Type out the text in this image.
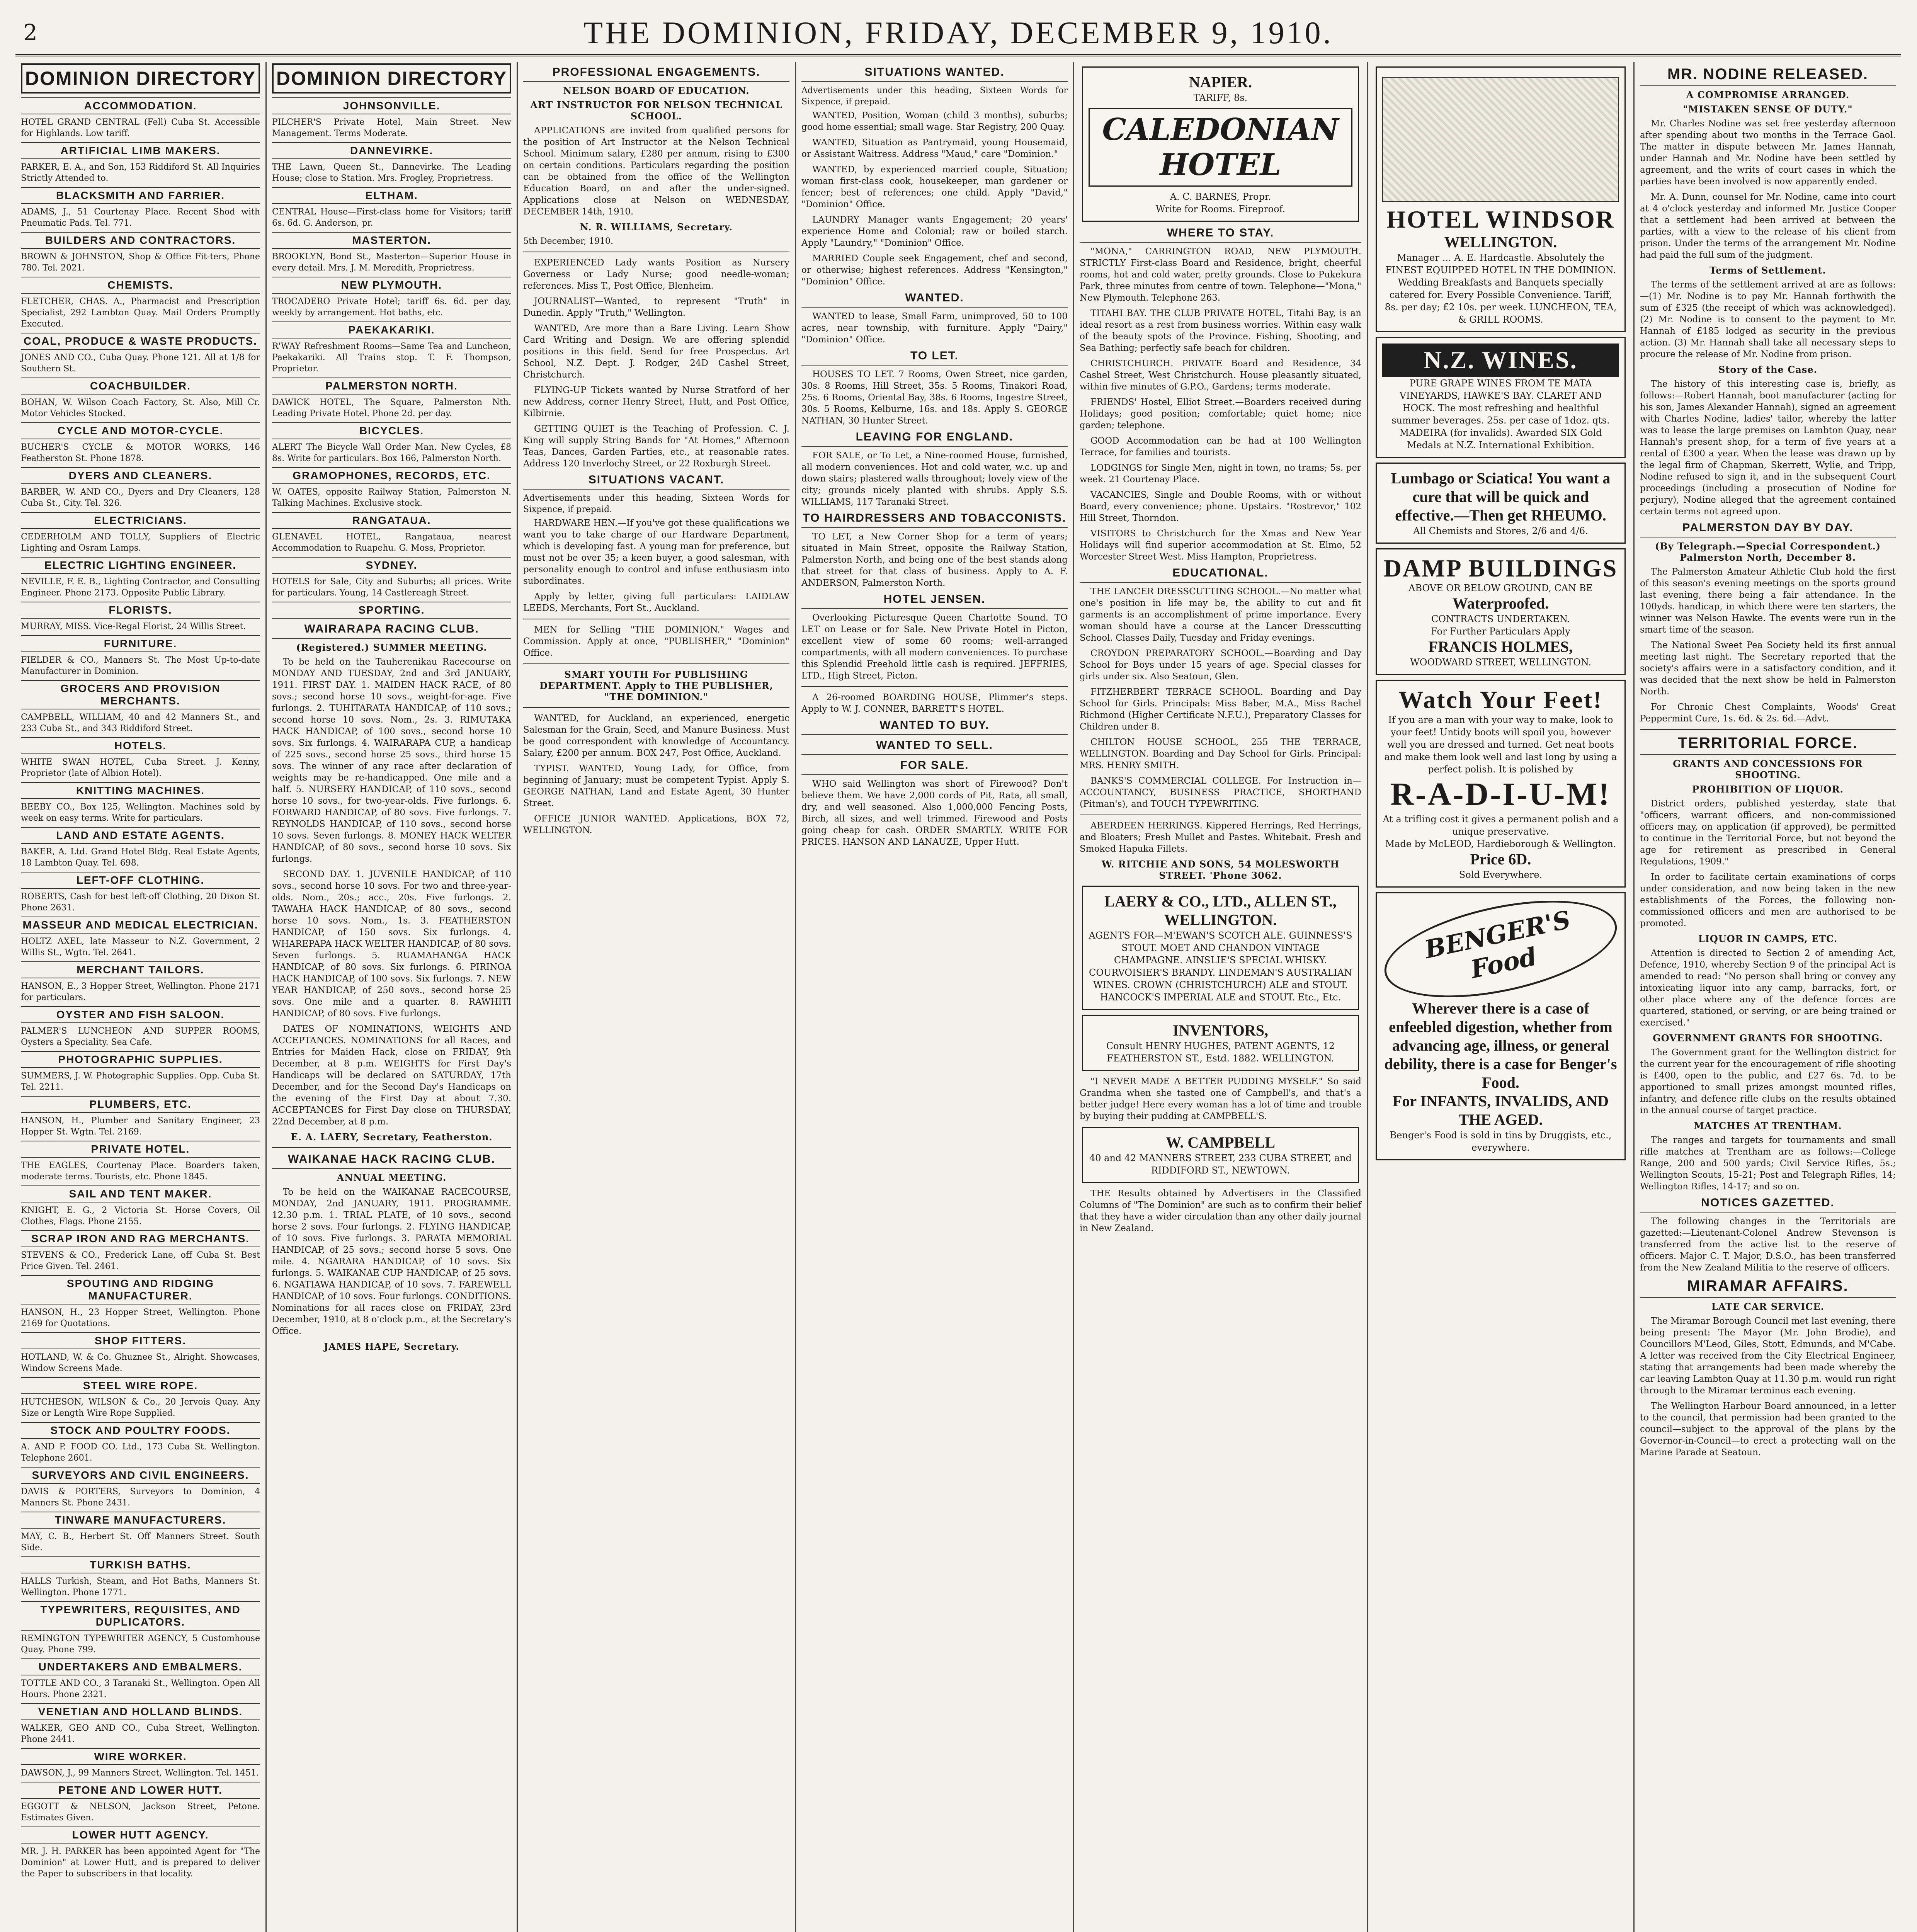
2	THE DOMINION, FRIDAY, DECEMBER 9, 1910.
DOMINION DIRECTORY
ACCOMMODATION.

HOTEL GRAND CENTRAL (Fell) Cuba St. Accessible for Highlands. Low tariff.

ARTIFICIAL LIMB MAKERS.

PARKER, E. A., and Son, 153 Riddiford St. All Inquiries Strictly Attended to.

BLACKSMITH AND FARRIER.

ADAMS, J., 51 Courtenay Place. Recent Shod with Pneumatic Pads. Tel. 771.

BUILDERS AND CONTRACTORS.

BROWN & JOHNSTON, Shop & Office Fit-ters, Phone 780. Tel. 2021.

CHEMISTS.

FLETCHER, CHAS. A., Pharmacist and Prescription Specialist, 292 Lambton Quay. Mail Orders Promptly Executed.

COAL, PRODUCE & WASTE PRODUCTS.

JONES AND CO., Cuba Quay. Phone 121. All at 1/8 for Southern St.

COACHBUILDER.

BOHAN, W. Wilson Coach Factory, St. Also, Mill Cr. Motor Vehicles Stocked.

CYCLE AND MOTOR-CYCLE.

BUCHER'S CYCLE & MOTOR WORKS, 146 Featherston St. Phone 1878.

DYERS AND CLEANERS.

BARBER, W. AND CO., Dyers and Dry Cleaners, 128 Cuba St., City. Tel. 326.

ELECTRICIANS.

CEDERHOLM AND TOLLY, Suppliers of Electric Lighting and Osram Lamps.

ELECTRIC LIGHTING ENGINEER.

NEVILLE, F. E. B., Lighting Contractor, and Consulting Engineer. Phone 2173. Opposite Public Library.

FLORISTS.

MURRAY, MISS. Vice-Regal Florist, 24 Willis Street.

FURNITURE.

FIELDER & CO., Manners St. The Most Up-to-date Manufacturer in Dominion.

GROCERS AND PROVISION MERCHANTS.

CAMPBELL, WILLIAM, 40 and 42 Manners St., and 233 Cuba St., and 343 Riddiford Street.

HOTELS.

WHITE SWAN HOTEL, Cuba Street. J. Kenny, Proprietor (late of Albion Hotel).

KNITTING MACHINES.

BEEBY CO., Box 125, Wellington. Machines sold by week on easy terms. Write for particulars.

LAND AND ESTATE AGENTS.

BAKER, A. Ltd. Grand Hotel Bldg. Real Estate Agents, 18 Lambton Quay. Tel. 698.

LEFT-OFF CLOTHING.

ROBERTS, Cash for best left-off Clothing, 20 Dixon St. Phone 2631.

MASSEUR AND MEDICAL ELECTRICIAN.

HOLTZ AXEL, late Masseur to N.Z. Government, 2 Willis St., Wgtn. Tel. 2641.

MERCHANT TAILORS.

HANSON, E., 3 Hopper Street, Wellington. Phone 2171 for particulars.

OYSTER AND FISH SALOON.

PALMER'S LUNCHEON AND SUPPER ROOMS, Oysters a Speciality. Sea Cafe.

PHOTOGRAPHIC SUPPLIES.

SUMMERS, J. W. Photographic Supplies. Opp. Cuba St. Tel. 2211.

PLUMBERS, ETC.

HANSON, H., Plumber and Sanitary Engineer, 23 Hopper St. Wgtn. Tel. 2169.

PRIVATE HOTEL.

THE EAGLES, Courtenay Place. Boarders taken, moderate terms. Tourists, etc. Phone 1845.

SAIL AND TENT MAKER.

KNIGHT, E. G., 2 Victoria St. Horse Covers, Oil Clothes, Flags. Phone 2155.

SCRAP IRON AND RAG MERCHANTS.

STEVENS & CO., Frederick Lane, off Cuba St. Best Price Given. Tel. 2461.

SPOUTING AND RIDGING MANUFACTURER.

HANSON, H., 23 Hopper Street, Wellington. Phone 2169 for Quotations.

SHOP FITTERS.

HOTLAND, W. & Co. Ghuznee St., Alright. Showcases, Window Screens Made.

STEEL WIRE ROPE.

HUTCHESON, WILSON & Co., 20 Jervois Quay. Any Size or Length Wire Rope Supplied.

STOCK AND POULTRY FOODS.

A. AND P. FOOD CO. Ltd., 173 Cuba St. Wellington. Telephone 2601.

SURVEYORS AND CIVIL ENGINEERS.

DAVIS & PORTERS, Surveyors to Dominion, 4 Manners St. Phone 2431.

TINWARE MANUFACTURERS.

MAY, C. B., Herbert St. Off Manners Street. South Side.

TURKISH BATHS.

HALLS Turkish, Steam, and Hot Baths, Manners St. Wellington. Phone 1771.

TYPEWRITERS, REQUISITES, AND DUPLICATORS.

REMINGTON TYPEWRITER AGENCY, 5 Customhouse Quay. Phone 799.

UNDERTAKERS AND EMBALMERS.

TOTTLE AND CO., 3 Taranaki St., Wellington. Open All Hours. Phone 2321.

VENETIAN AND HOLLAND BLINDS.

WALKER, GEO AND CO., Cuba Street, Wellington. Phone 2441.

WIRE WORKER.

DAWSON, J., 99 Manners Street, Wellington. Tel. 1451.

PETONE AND LOWER HUTT.

EGGOTT & NELSON, Jackson Street, Petone. Estimates Given.

LOWER HUTT AGENCY.

MR. J. H. PARKER has been appointed Agent for "The Dominion" at Lower Hutt, and is prepared to deliver the Paper to subscribers in that locality.

DOMINION DIRECTORY
JOHNSONVILLE.

PILCHER'S Private Hotel, Main Street. New Management. Terms Moderate.

DANNEVIRKE.

THE Lawn, Queen St., Dannevirke. The Leading House; close to Station. Mrs. Frogley, Proprietress.

ELTHAM.

CENTRAL House—First-class home for Visitors; tariff 6s. 6d. G. Anderson, pr.

MASTERTON.

BROOKLYN, Bond St., Masterton—Superior House in every detail. Mrs. J. M. Meredith, Proprietress.

NEW PLYMOUTH.

TROCADERO Private Hotel; tariff 6s. 6d. per day, weekly by arrangement. Hot baths, etc.

PAEKAKARIKI.

R'WAY Refreshment Rooms—Same Tea and Luncheon, Paekakariki. All Trains stop. T. F. Thompson, Proprietor.

PALMERSTON NORTH.

DAWICK HOTEL, The Square, Palmerston Nth. Leading Private Hotel. Phone 2d. per day.

BICYCLES.

ALERT The Bicycle Wall Order Man. New Cycles, £8 8s. Write for particulars. Box 166, Palmerston North.

GRAMOPHONES, RECORDS, ETC.

W. OATES, opposite Railway Station, Palmerston N. Talking Machines. Exclusive stock.

RANGATAUA.

GLENAVEL HOTEL, Rangataua, nearest Accommodation to Ruapehu. G. Moss, Proprietor.

SYDNEY.

HOTELS for Sale, City and Suburbs; all prices. Write for particulars. Young, 14 Castlereagh Street.

SPORTING.
WAIRARAPA RACING CLUB.
(Registered.) SUMMER MEETING.

To be held on the Tauherenikau Racecourse on MONDAY AND TUESDAY, 2nd and 3rd JANUARY, 1911. FIRST DAY. 1. MAIDEN HACK RACE, of 80 sovs.; second horse 10 sovs., weight-for-age. Five furlongs. 2. TUHITARATA HANDICAP, of 110 sovs.; second horse 10 sovs. Nom., 2s. 3. RIMUTAKA HACK HANDICAP, of 100 sovs., second horse 10 sovs. Six furlongs. 4. WAIRARAPA CUP, a handicap of 225 sovs., second horse 25 sovs., third horse 15 sovs. The winner of any race after declaration of weights may be re-handicapped. One mile and a half. 5. NURSERY HANDICAP, of 110 sovs., second horse 10 sovs., for two-year-olds. Five furlongs. 6. FORWARD HANDICAP, of 80 sovs. Five furlongs. 7. REYNOLDS HANDICAP, of 110 sovs., second horse 10 sovs. Seven furlongs. 8. MONEY HACK WELTER HANDICAP, of 80 sovs., second horse 10 sovs. Six furlongs.

SECOND DAY. 1. JUVENILE HANDICAP, of 110 sovs., second horse 10 sovs. For two and three-year-olds. Nom., 20s.; acc., 20s. Five furlongs. 2. TAWAHA HACK HANDICAP, of 80 sovs., second horse 10 sovs. Nom., 1s. 3. FEATHERSTON HANDICAP, of 150 sovs. Six furlongs. 4. WHAREPAPA HACK WELTER HANDICAP, of 80 sovs. Seven furlongs. 5. RUAMAHANGA HACK HANDICAP, of 80 sovs. Six furlongs. 6. PIRINOA HACK HANDICAP, of 100 sovs. Six furlongs. 7. NEW YEAR HANDICAP, of 250 sovs., second horse 25 sovs. One mile and a quarter. 8. RAWHITI HANDICAP, of 80 sovs. Five furlongs.

DATES OF NOMINATIONS, WEIGHTS AND ACCEPTANCES. NOMINATIONS for all Races, and Entries for Maiden Hack, close on FRIDAY, 9th December, at 8 p.m. WEIGHTS for First Day's Handicaps will be declared on SATURDAY, 17th December, and for the Second Day's Handicaps on the evening of the First Day at about 7.30. ACCEPTANCES for First Day close on THURSDAY, 22nd December, at 8 p.m.

E. A. LAERY, Secretary, Featherston.
WAIKANAE HACK RACING CLUB.
ANNUAL MEETING.

To be held on the WAIKANAE RACECOURSE, MONDAY, 2nd JANUARY, 1911. PROGRAMME. 12.30 p.m. 1. TRIAL PLATE, of 10 sovs., second horse 2 sovs. Four furlongs. 2. FLYING HANDICAP, of 10 sovs. Five furlongs. 3. PARATA MEMORIAL HANDICAP, of 25 sovs.; second horse 5 sovs. One mile. 4. NGARARA HANDICAP, of 10 sovs. Six furlongs. 5. WAIKANAE CUP HANDICAP, of 25 sovs. 6. NGATIAWA HANDICAP, of 10 sovs. 7. FAREWELL HANDICAP, of 10 sovs. Four furlongs. CONDITIONS. Nominations for all races close on FRIDAY, 23rd December, 1910, at 8 o'clock p.m., at the Secretary's Office.

JAMES HAPE, Secretary.
PROFESSIONAL ENGAGEMENTS.
NELSON BOARD OF EDUCATION.
ART INSTRUCTOR FOR NELSON TECHNICAL SCHOOL.

APPLICATIONS are invited from qualified persons for the position of Art Instructor at the Nelson Technical School. Minimum salary, £280 per annum, rising to £300 on certain conditions. Particulars regarding the position can be obtained from the office of the Wellington Education Board, on and after the under-signed. Applications close at Nelson on WEDNESDAY, DECEMBER 14th, 1910.

N. R. WILLIAMS, Secretary.

5th December, 1910.

EXPERIENCED Lady wants Position as Nursery Governess or Lady Nurse; good needle-woman; references. Miss T., Post Office, Blenheim.

JOURNALIST—Wanted, to represent "Truth" in Dunedin. Apply "Truth," Wellington.

WANTED, Are more than a Bare Living. Learn Show Card Writing and Design. We are offering splendid positions in this field. Send for free Prospectus. Art School, N.Z. Dept. J. Rodger, 24D Cashel Street, Christchurch.

FLYING-UP Tickets wanted by Nurse Stratford of her new Address, corner Henry Street, Hutt, and Post Office, Kilbirnie.

GETTING QUIET is the Teaching of Profession. C. J. King will supply String Bands for "At Homes," Afternoon Teas, Dances, Garden Parties, etc., at reasonable rates. Address 120 Inverlochy Street, or 22 Roxburgh Street.

SITUATIONS VACANT.

Advertisements under this heading, Sixteen Words for Sixpence, if prepaid.

HARDWARE HEN.—If you've got these qualifications we want you to take charge of our Hardware Department, which is developing fast. A young man for preference, but must not be over 35; a keen buyer, a good salesman, with personality enough to control and infuse enthusiasm into subordinates.

Apply by letter, giving full particulars: LAIDLAW LEEDS, Merchants, Fort St., Auckland.

MEN for Selling "THE DOMINION." Wages and Commission. Apply at once, "PUBLISHER," "Dominion" Office.

SMART YOUTH For PUBLISHING DEPARTMENT. Apply to THE PUBLISHER, "THE DOMINION."

WANTED, for Auckland, an experienced, energetic Salesman for the Grain, Seed, and Manure Business. Must be good correspondent with knowledge of Accountancy. Salary, £200 per annum. BOX 247, Post Office, Auckland.

TYPIST. WANTED, Young Lady, for Office, from beginning of January; must be competent Typist. Apply S. GEORGE NATHAN, Land and Estate Agent, 30 Hunter Street.

OFFICE JUNIOR WANTED. Applications, BOX 72, WELLINGTON.

SITUATIONS WANTED.

Advertisements under this heading, Sixteen Words for Sixpence, if prepaid.

WANTED, Position, Woman (child 3 months), suburbs; good home essential; small wage. Star Registry, 200 Quay.

WANTED, Situation as Pantrymaid, young Housemaid, or Assistant Waitress. Address "Maud," care "Dominion."

WANTED, by experienced married couple, Situation; woman first-class cook, housekeeper, man gardener or fencer; best of references; one child. Apply "David," "Dominion" Office.

LAUNDRY Manager wants Engagement; 20 years' experience Home and Colonial; raw or boiled starch. Apply "Laundry," "Dominion" Office.

MARRIED Couple seek Engagement, chef and second, or otherwise; highest references. Address "Kensington," "Dominion" Office.

WANTED.

WANTED to lease, Small Farm, unimproved, 50 to 100 acres, near township, with furniture. Apply "Dairy," "Dominion" Office.

TO LET.

HOUSES TO LET. 7 Rooms, Owen Street, nice garden, 30s. 8 Rooms, Hill Street, 35s. 5 Rooms, Tinakori Road, 25s. 6 Rooms, Oriental Bay, 38s. 6 Rooms, Ingestre Street, 30s. 5 Rooms, Kelburne, 16s. and 18s. Apply S. GEORGE NATHAN, 30 Hunter Street.

LEAVING FOR ENGLAND.

FOR SALE, or To Let, a Nine-roomed House, furnished, all modern conveniences. Hot and cold water, w.c. up and down stairs; plastered walls throughout; lovely view of the city; grounds nicely planted with shrubs. Apply S.S. WILLIAMS, 117 Taranaki Street.

TO HAIRDRESSERS AND TOBACCONISTS.

TO LET, a New Corner Shop for a term of years; situated in Main Street, opposite the Railway Station, Palmerston North, and being one of the best stands along that street for that class of business. Apply to A. F. ANDERSON, Palmerston North.

HOTEL JENSEN.

Overlooking Picturesque Queen Charlotte Sound. TO LET on Lease or for Sale. New Private Hotel in Picton, excellent view of some 60 rooms; well-arranged compartments, with all modern conveniences. To purchase this Splendid Freehold little cash is required. JEFFRIES, LTD., High Street, Picton.

A 26-roomed BOARDING HOUSE, Plimmer's steps. Apply to W. J. CONNER, BARRETT'S HOTEL.

WANTED TO BUY.
WANTED TO SELL.
FOR SALE.

WHO said Wellington was short of Firewood? Don't believe them. We have 2,000 cords of Pit, Rata, all small, dry, and well seasoned. Also 1,000,000 Fencing Posts, Birch, all sizes, and well trimmed. Firewood and Posts going cheap for cash. ORDER SMARTLY. WRITE FOR PRICES. HANSON AND LANAUZE, Upper Hutt.

NAPIER.
TARIFF, 8s.
CALEDONIAN HOTEL
A. C. BARNES, Propr.
Write for Rooms. Fireproof.
WHERE TO STAY.

"MONA," CARRINGTON ROAD, NEW PLYMOUTH. STRICTLY First-class Board and Residence, bright, cheerful rooms, hot and cold water, pretty grounds. Close to Pukekura Park, three minutes from centre of town. Telephone—"Mona," New Plymouth. Telephone 263.

TITAHI BAY. THE CLUB PRIVATE HOTEL, Titahi Bay, is an ideal resort as a rest from business worries. Within easy walk of the beauty spots of the Province. Fishing, Shooting, and Sea Bathing; perfectly safe beach for children.

CHRISTCHURCH. PRIVATE Board and Residence, 34 Cashel Street, West Christchurch. House pleasantly situated, within five minutes of G.P.O., Gardens; terms moderate.

FRIENDS' Hostel, Elliot Street.—Boarders received during Holidays; good position; comfortable; quiet home; nice garden; telephone.

GOOD Accommodation can be had at 100 Wellington Terrace, for families and tourists.

LODGINGS for Single Men, night in town, no trams; 5s. per week. 21 Courtenay Place.

VACANCIES, Single and Double Rooms, with or without Board, every convenience; phone. Upstairs. "Rostrevor," 102 Hill Street, Thorndon.

VISITORS to Christchurch for the Xmas and New Year Holidays will find superior accommodation at St. Elmo, 52 Worcester Street West. Miss Hampton, Proprietress.

EDUCATIONAL.

THE LANCER DRESSCUTTING SCHOOL.—No matter what one's position in life may be, the ability to cut and fit garments is an accomplishment of prime importance. Every woman should have a course at the Lancer Dresscutting School. Classes Daily, Tuesday and Friday evenings.

CROYDON PREPARATORY SCHOOL.—Boarding and Day School for Boys under 15 years of age. Special classes for girls under six. Also Seatoun, Glen.

FITZHERBERT TERRACE SCHOOL. Boarding and Day School for Girls. Principals: Miss Baber, M.A., Miss Rachel Richmond (Higher Certificate N.F.U.), Preparatory Classes for Children under 8.

CHILTON HOUSE SCHOOL, 255 THE TERRACE, WELLINGTON. Boarding and Day School for Girls. Principal: MRS. HENRY SMITH.

BANKS'S COMMERCIAL COLLEGE. For Instruction in—ACCOUNTANCY, BUSINESS PRACTICE, SHORTHAND (Pitman's), and TOUCH TYPEWRITING.

ABERDEEN HERRINGS. Kippered Herrings, Red Herrings, and Bloaters; Fresh Mullet and Pastes. Whitebait. Fresh and Smoked Hapuka Fillets.

W. RITCHIE AND SONS, 54 MOLESWORTH STREET. 'Phone 3062.
LAERY & CO., LTD., ALLEN ST., WELLINGTON.
AGENTS FOR—M'EWAN'S SCOTCH ALE. GUINNESS'S STOUT. MOET AND CHANDON VINTAGE CHAMPAGNE. AINSLIE'S SPECIAL WHISKY. COURVOISIER'S BRANDY. LINDEMAN'S AUSTRALIAN WINES. CROWN (CHRISTCHURCH) ALE and STOUT. HANCOCK'S IMPERIAL ALE and STOUT. Etc., Etc.
INVENTORS,
Consult HENRY HUGHES, PATENT AGENTS, 12 FEATHERSTON ST., Estd. 1882. WELLINGTON.

"I NEVER MADE A BETTER PUDDING MYSELF." So said Grandma when she tasted one of Campbell's, and that's a better judge! Here every woman has a lot of time and trouble by buying their pudding at CAMPBELL'S.

W. CAMPBELL
40 and 42 MANNERS STREET, 233 CUBA STREET, and RIDDIFORD ST., NEWTOWN.

THE Results obtained by Advertisers in the Classified Columns of "The Dominion" are such as to confirm their belief that they have a wider circulation than any other daily journal in New Zealand.

HOTEL WINDSOR
WELLINGTON.
Manager ... A. E. Hardcastle. Absolutely the FINEST EQUIPPED HOTEL IN THE DOMINION. Wedding Breakfasts and Banquets specially catered for. Every Possible Convenience. Tariff, 8s. per day; £2 10s. per week. LUNCHEON, TEA, & GRILL ROOMS.
N.Z. WINES.
PURE GRAPE WINES FROM TE MATA VINEYARDS, HAWKE'S BAY. CLARET AND HOCK. The most refreshing and healthful summer beverages. 25s. per case of 1doz. qts. MADEIRA (for invalids). Awarded SIX Gold Medals at N.Z. International Exhibition.
Lumbago or Sciatica! You want a cure that will be quick and effective.—Then get RHEUMO.
All Chemists and Stores, 2/6 and 4/6.
DAMP BUILDINGS
ABOVE OR BELOW GROUND, CAN BE
Waterproofed.
CONTRACTS UNDERTAKEN.
For Further Particulars Apply
FRANCIS HOLMES,
WOODWARD STREET, WELLINGTON.
Watch Your Feet!
If you are a man with your way to make, look to your feet! Untidy boots will spoil you, however well you are dressed and turned. Get neat boots and make them look well and last long by using a perfect polish. It is polished by
R-A-D-I-U-M!
At a trifling cost it gives a permanent polish and a unique preservative.
Made by McLEOD, Hardieborough & Wellington.
Price 6D.
Sold Everywhere.
BENGER'S Food
Wherever there is a case of enfeebled digestion, whether from advancing age, illness, or general debility, there is a case for Benger's Food.
For INFANTS, INVALIDS, AND THE AGED.
Benger's Food is sold in tins by Druggists, etc., everywhere.
MR. NODINE RELEASED.
A COMPROMISE ARRANGED.
"MISTAKEN SENSE OF DUTY."

Mr. Charles Nodine was set free yesterday afternoon after spending about two months in the Terrace Gaol. The matter in dispute between Mr. James Hannah, under Hannah and Mr. Nodine have been settled by agreement, and the writs of court cases in which the parties have been involved is now apparently ended.

Mr. A. Dunn, counsel for Mr. Nodine, came into court at 4 o'clock yesterday and informed Mr. Justice Cooper that a settlement had been arrived at between the parties, with a view to the release of his client from prison. Under the terms of the arrangement Mr. Nodine had paid the full sum of the judgment.

Terms of Settlement.

The terms of the settlement arrived at are as follows:—(1) Mr. Nodine is to pay Mr. Hannah forthwith the sum of £325 (the receipt of which was acknowledged). (2) Mr. Nodine is to consent to the payment to Mr. Hannah of £185 lodged as security in the previous action. (3) Mr. Hannah shall take all necessary steps to procure the release of Mr. Nodine from prison.

Story of the Case.

The history of this interesting case is, briefly, as follows:—Robert Hannah, boot manufacturer (acting for his son, James Alexander Hannah), signed an agreement with Charles Nodine, ladies' tailor, whereby the latter was to lease the large premises on Lambton Quay, near Hannah's present shop, for a term of five years at a rental of £300 a year. When the lease was drawn up by the legal firm of Chapman, Skerrett, Wylie, and Tripp, Nodine refused to sign it, and in the subsequent Court proceedings (including a prosecution of Nodine for perjury), Nodine alleged that the agreement contained certain terms not agreed upon.

PALMERSTON DAY BY DAY.
(By Telegraph.—Special Correspondent.) Palmerston North, December 8.

The Palmerston Amateur Athletic Club hold the first of this season's evening meetings on the sports ground last evening, there being a fair attendance. In the 100yds. handicap, in which there were ten starters, the winner was Nelson Hawke. The events were run in the smart time of the season.

The National Sweet Pea Society held its first annual meeting last night. The Secretary reported that the society's affairs were in a satisfactory condition, and it was decided that the next show be held in Palmerston North.

For Chronic Chest Complaints, Woods' Great Peppermint Cure, 1s. 6d. & 2s. 6d.—Advt.

TERRITORIAL FORCE.
GRANTS AND CONCESSIONS FOR SHOOTING.
PROHIBITION OF LIQUOR.

District orders, published yesterday, state that "officers, warrant officers, and non-commissioned officers may, on application (if approved), be permitted to continue in the Territorial Force, but not beyond the age for retirement as prescribed in General Regulations, 1909."

In order to facilitate certain examinations of corps under consideration, and now being taken in the new establishments of the Forces, the following non-commissioned officers and men are authorised to be promoted.

LIQUOR IN CAMPS, ETC.

Attention is directed to Section 2 of amending Act, Defence, 1910, whereby Section 9 of the principal Act is amended to read: "No person shall bring or convey any intoxicating liquor into any camp, barracks, fort, or other place where any of the defence forces are quartered, stationed, or serving, or are being trained or exercised."

GOVERNMENT GRANTS FOR SHOOTING.

The Government grant for the Wellington district for the current year for the encouragement of rifle shooting is £400, open to the public, and £27 6s. 7d. to be apportioned to small prizes amongst mounted rifles, infantry, and defence rifle clubs on the results obtained in the annual course of target practice.

MATCHES AT TRENTHAM.

The ranges and targets for tournaments and small rifle matches at Trentham are as follows:—College Range, 200 and 500 yards; Civil Service Rifles, 5s.; Wellington Scouts, 15-21; Post and Telegraph Rifles, 14; Wellington Rifles, 14-17; and so on.

NOTICES GAZETTED.

The following changes in the Territorials are gazetted:—Lieutenant-Colonel Andrew Stevenson is transferred from the active list to the reserve of officers. Major C. T. Major, D.S.O., has been transferred from the New Zealand Militia to the reserve of officers.

MIRAMAR AFFAIRS.
LATE CAR SERVICE.

The Miramar Borough Council met last evening, there being present: The Mayor (Mr. John Brodie), and Councillors M'Leod, Giles, Stott, Edmunds, and M'Cabe. A letter was received from the City Electrical Engineer, stating that arrangements had been made whereby the car leaving Lambton Quay at 11.30 p.m. would run right through to the Miramar terminus each evening.

The Wellington Harbour Board announced, in a letter to the council, that permission had been granted to the council—subject to the approval of the plans by the Governor-in-Council—to erect a protecting wall on the Marine Parade at Seatoun.
